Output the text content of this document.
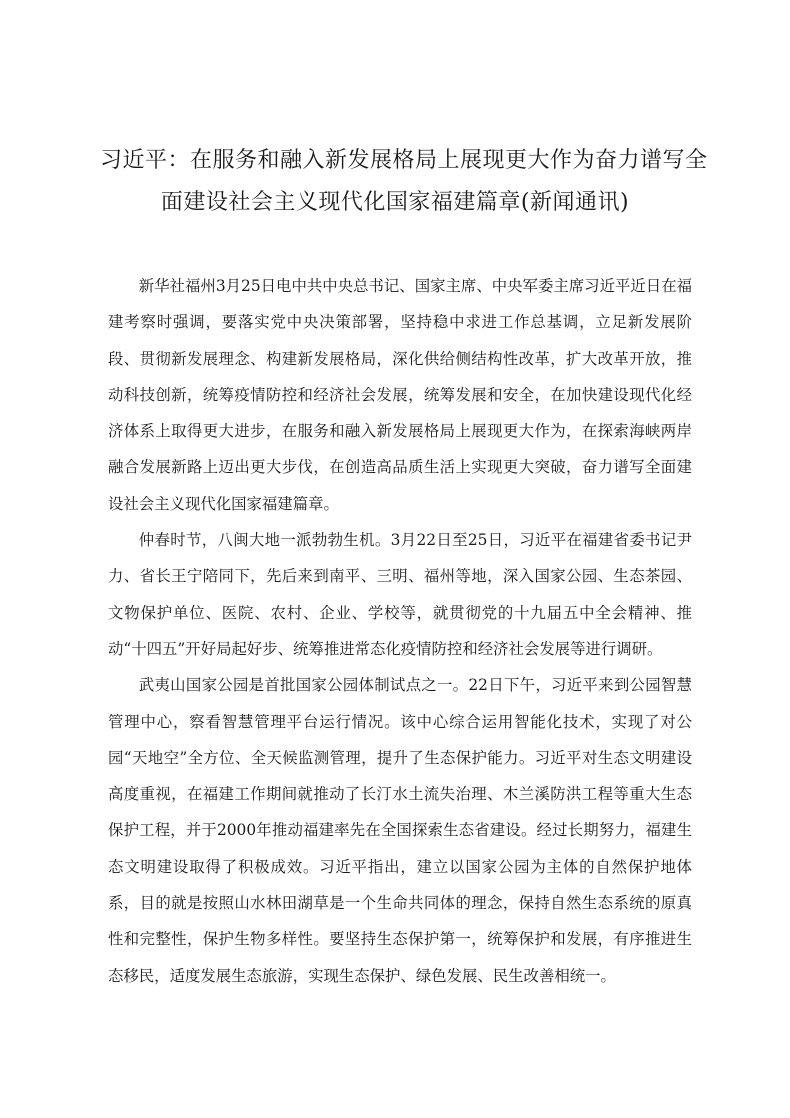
习近平：在服务和融入新发展格局上展现更大作为奋力谱写全
面建设社会主义现代化国家福建篇章(新闻通讯)

新华社福州3月25日电中共中央总书记、国家主席、中央军委主席习近平近日在福建考察时强调，要落实党中央决策部署，坚持稳中求进工作总基调，立足新发展阶段、贯彻新发展理念、构建新发展格局，深化供给侧结构性改革，扩大改革开放，推动科技创新，统筹疫情防控和经济社会发展，统筹发展和安全，在加快建设现代化经济体系上取得更大进步，在服务和融入新发展格局上展现更大作为，在探索海峡两岸融合发展新路上迈出更大步伐，在创造高品质生活上实现更大突破，奋力谱写全面建设社会主义现代化国家福建篇章。

仲春时节，八闽大地一派勃勃生机。3月22日至25日，习近平在福建省委书记尹力、省长王宁陪同下，先后来到南平、三明、福州等地，深入国家公园、生态茶园、文物保护单位、医院、农村、企业、学校等，就贯彻党的十九届五中全会精神、推动“十四五”开好局起好步、统筹推进常态化疫情防控和经济社会发展等进行调研。

武夷山国家公园是首批国家公园体制试点之一。22日下午，习近平来到公园智慧管理中心，察看智慧管理平台运行情况。该中心综合运用智能化技术，实现了对公园“天地空”全方位、全天候监测管理，提升了生态保护能力。习近平对生态文明建设高度重视，在福建工作期间就推动了长汀水土流失治理、木兰溪防洪工程等重大生态保护工程，并于2000年推动福建率先在全国探索生态省建设。经过长期努力，福建生态文明建设取得了积极成效。习近平指出，建立以国家公园为主体的自然保护地体系，目的就是按照山水林田湖草是一个生命共同体的理念，保持自然生态系统的原真性和完整性，保护生物多样性。要坚持生态保护第一，统筹保护和发展，有序推进生态移民，适度发展生态旅游，实现生态保护、绿色发展、民生改善相统一。
